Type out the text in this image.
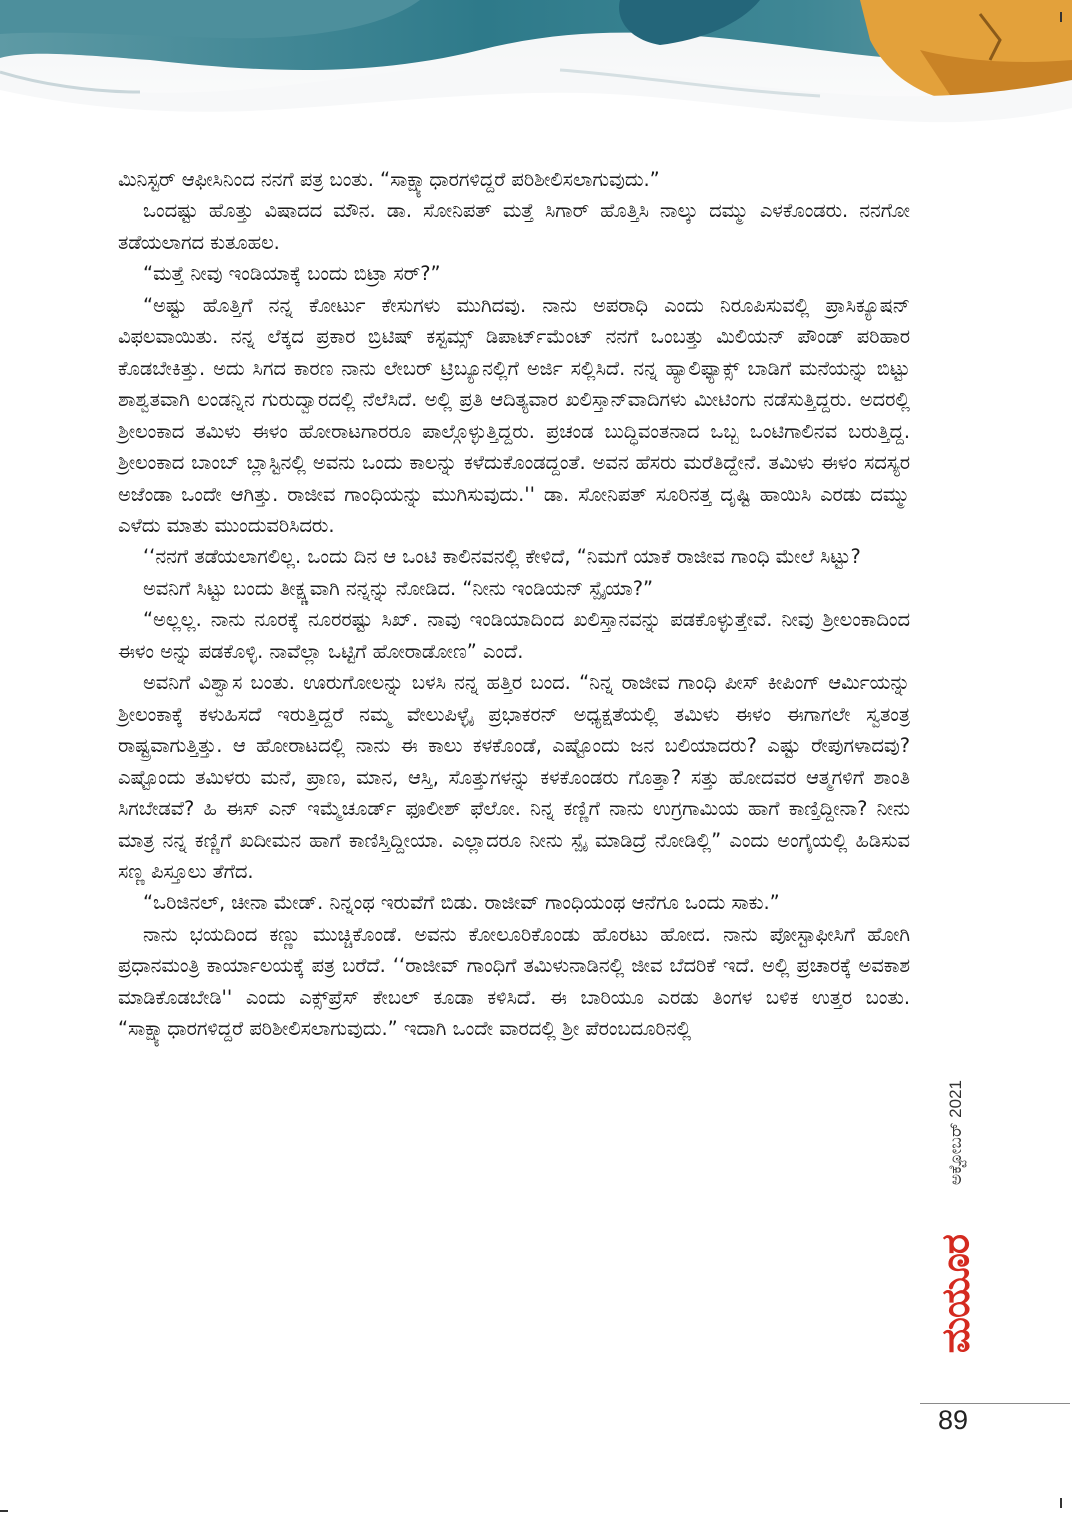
ಮಿನಿಸ್ಟರ್ ಆಫೀಸಿನಿಂದ ನನಗೆ ಪತ್ರ ಬಂತು. “ಸಾಕ್ಷ್ಯಾಧಾರಗಳಿದ್ದರೆ ಪರಿಶೀಲಿಸಲಾಗುವುದು.”

ಒಂದಷ್ಟು ಹೊತ್ತು ವಿಷಾದದ ಮೌನ. ಡಾ. ಸೋನಿಪತ್ ಮತ್ತೆ ಸಿಗಾರ್ ಹೊತ್ತಿಸಿ ನಾಲ್ಕು ದಮ್ಮು ಎಳಕೊಂಡರು. ನನಗೋ ತಡೆಯಲಾಗದ ಕುತೂಹಲ.

“ಮತ್ತೆ ನೀವು ಇಂಡಿಯಾಕ್ಕೆ ಬಂದು ಬಿಟ್ರಾ ಸರ್?”

“ಅಷ್ಟು ಹೊತ್ತಿಗೆ ನನ್ನ ಕೋರ್ಟು ಕೇಸುಗಳು ಮುಗಿದವು. ನಾನು ಅಪರಾಧಿ ಎಂದು ನಿರೂಪಿಸುವಲ್ಲಿ ಪ್ರಾಸಿಕ್ಯೂಷನ್ ವಿಫಲವಾಯಿತು. ನನ್ನ ಲೆಕ್ಕದ ಪ್ರಕಾರ ಬ್ರಿಟಿಷ್ ಕಸ್ಟಮ್ಸ್ ಡಿಪಾರ್ಟ್‌ಮೆಂಟ್ ನನಗೆ ಒಂಬತ್ತು ಮಿಲಿಯನ್ ಪೌಂಡ್ ಪರಿಹಾರ ಕೊಡಬೇಕಿತ್ತು. ಅದು ಸಿಗದ ಕಾರಣ ನಾನು ಲೇಬರ್ ಟ್ರಿಬ್ಯೂನಲ್ಲಿಗೆ ಅರ್ಜಿ ಸಲ್ಲಿಸಿದೆ. ನನ್ನ ಹ್ಯಾಲಿಫ್ಯಾಕ್ಸ್ ಬಾಡಿಗೆ ಮನೆಯನ್ನು ಬಿಟ್ಟು ಶಾಶ್ವತವಾಗಿ ಲಂಡನ್ನಿನ ಗುರುದ್ವಾರದಲ್ಲಿ ನೆಲೆಸಿದೆ. ಅಲ್ಲಿ ಪ್ರತಿ ಆದಿತ್ಯವಾರ ಖಲಿಸ್ತಾನ್‌ವಾದಿಗಳು ಮೀಟಿಂಗು ನಡೆಸುತ್ತಿದ್ದರು. ಅದರಲ್ಲಿ ಶ್ರೀಲಂಕಾದ ತಮಿಳು ಈಳಂ ಹೋರಾಟಗಾರರೂ ಪಾಲ್ಗೊಳ್ಳುತ್ತಿದ್ದರು. ಪ್ರಚಂಡ ಬುದ್ಧಿವಂತನಾದ ಒಬ್ಬ ಒಂಟಿಗಾಲಿನವ ಬರುತ್ತಿದ್ದ. ಶ್ರೀಲಂಕಾದ ಬಾಂಬ್ ಬ್ಲಾಸ್ಟಿನಲ್ಲಿ ಅವನು ಒಂದು ಕಾಲನ್ನು ಕಳೆದುಕೊಂಡದ್ದಂತೆ. ಅವನ ಹೆಸರು ಮರೆತಿದ್ದೇನೆ. ತಮಿಳು ಈಳಂ ಸದಸ್ಯರ ಅಜೆಂಡಾ ಒಂದೇ ಆಗಿತ್ತು. ರಾಜೀವ ಗಾಂಧಿಯನ್ನು ಮುಗಿಸುವುದು.'' ಡಾ. ಸೋನಿಪತ್ ಸೂರಿನತ್ತ ದೃಷ್ಟಿ ಹಾಯಿಸಿ ಎರಡು ದಮ್ಮು ಎಳೆದು ಮಾತು ಮುಂದುವರಿಸಿದರು.

‘‘ನನಗೆ ತಡೆಯಲಾಗಲಿಲ್ಲ. ಒಂದು ದಿನ ಆ ಒಂಟಿ ಕಾಲಿನವನಲ್ಲಿ ಕೇಳಿದೆ, “ನಿಮಗೆ ಯಾಕೆ ರಾಜೀವ ಗಾಂಧಿ ಮೇಲೆ ಸಿಟ್ಟು?

ಅವನಿಗೆ ಸಿಟ್ಟು ಬಂದು ತೀಕ್ಷ್ಣವಾಗಿ ನನ್ನನ್ನು ನೋಡಿದ. “ನೀನು ಇಂಡಿಯನ್ ಸ್ಪೈಯಾ?”

“ಅಲ್ಲಲ್ಲ. ನಾನು ನೂರಕ್ಕೆ ನೂರರಷ್ಟು ಸಿಖ್. ನಾವು ಇಂಡಿಯಾದಿಂದ ಖಲಿಸ್ತಾನವನ್ನು ಪಡಕೊಳ್ಳುತ್ತೇವೆ. ನೀವು ಶ್ರೀಲಂಕಾದಿಂದ ಈಳಂ ಅನ್ನು ಪಡಕೊಳ್ಳಿ. ನಾವೆಲ್ಲಾ ಒಟ್ಟಿಗೆ ಹೋರಾಡೋಣ” ಎಂದೆ.

ಅವನಿಗೆ ವಿಶ್ವಾಸ ಬಂತು. ಊರುಗೋಲನ್ನು ಬಳಸಿ ನನ್ನ ಹತ್ತಿರ ಬಂದ. “ನಿನ್ನ ರಾಜೀವ ಗಾಂಧಿ ಪೀಸ್ ಕೀಪಿಂಗ್ ಆರ್ಮಿಯನ್ನು ಶ್ರೀಲಂಕಾಕ್ಕೆ ಕಳುಹಿಸದೆ ಇರುತ್ತಿದ್ದರೆ ನಮ್ಮ ವೇಲುಪಿಳ್ಳೈ ಪ್ರಭಾಕರನ್ ಅಧ್ಯಕ್ಷತೆಯಲ್ಲಿ ತಮಿಳು ಈಳಂ ಈಗಾಗಲೇ ಸ್ವತಂತ್ರ ರಾಷ್ಟ್ರವಾಗುತ್ತಿತ್ತು. ಆ ಹೋರಾಟದಲ್ಲಿ ನಾನು ಈ ಕಾಲು ಕಳಕೊಂಡೆ, ಎಷ್ಟೊಂದು ಜನ ಬಲಿಯಾದರು? ಎಷ್ಟು ರೇಪುಗಳಾದವು? ಎಷ್ಟೊಂದು ತಮಿಳರು ಮನೆ, ಪ್ರಾಣ, ಮಾನ, ಆಸ್ತಿ, ಸೊತ್ತುಗಳನ್ನು ಕಳಕೊಂಡರು ಗೊತ್ತಾ? ಸತ್ತು ಹೋದವರ ಆತ್ಮಗಳಿಗೆ ಶಾಂತಿ ಸಿಗಬೇಡವೆ? ಹಿ ಈಸ್ ಎನ್ ಇಮ್ಮೆಚೂರ್ಡ್ ಫೂಲೀಶ್ ಫೆಲೋ. ನಿನ್ನ ಕಣ್ಣಿಗೆ ನಾನು ಉಗ್ರಗಾಮಿಯ ಹಾಗೆ ಕಾಣ್ತಿದ್ದೀನಾ? ನೀನು ಮಾತ್ರ ನನ್ನ ಕಣ್ಣಿಗೆ ಖದೀಮನ ಹಾಗೆ ಕಾಣಿಸ್ತಿದ್ದೀಯಾ. ಎಲ್ಲಾದರೂ ನೀನು ಸ್ಪೈ ಮಾಡಿದ್ರೆ ನೋಡಿಲ್ಲಿ” ಎಂದು ಅಂಗೈಯಲ್ಲಿ ಹಿಡಿಸುವ ಸಣ್ಣ ಪಿಸ್ತೂಲು ತೆಗೆದ.

“ಒರಿಜಿನಲ್, ಚೀನಾ ಮೇಡ್. ನಿನ್ನಂಥ ಇರುವೆಗೆ ಬಿಡು. ರಾಜೀವ್ ಗಾಂಧಿಯಂಥ ಆನೆಗೂ ಒಂದು ಸಾಕು.”

ನಾನು ಭಯದಿಂದ ಕಣ್ಣು ಮುಚ್ಚಿಕೊಂಡೆ. ಅವನು ಕೋಲೂರಿಕೊಂಡು ಹೊರಟು ಹೋದ. ನಾನು ಪೋಸ್ಟಾಫೀಸಿಗೆ ಹೋಗಿ ಪ್ರಧಾನಮಂತ್ರಿ ಕಾರ್ಯಾಲಯಕ್ಕೆ ಪತ್ರ ಬರೆದೆ. ‘‘ರಾಜೀವ್ ಗಾಂಧಿಗೆ ತಮಿಳುನಾಡಿನಲ್ಲಿ ಜೀವ ಬೆದರಿಕೆ ಇದೆ. ಅಲ್ಲಿ ಪ್ರಚಾರಕ್ಕೆ ಅವಕಾಶ ಮಾಡಿಕೊಡಬೇಡಿ'' ಎಂದು ಎಕ್ಸ್‌ಪ್ರೆಸ್ ಕೇಬಲ್ ಕೂಡಾ ಕಳಿಸಿದೆ. ಈ ಬಾರಿಯೂ ಎರಡು ತಿಂಗಳ ಬಳಿಕ ಉತ್ತರ ಬಂತು. “ಸಾಕ್ಷ್ಯಾಧಾರಗಳಿದ್ದರೆ ಪರಿಶೀಲಿಸಲಾಗುವುದು.” ಇದಾಗಿ ಒಂದೇ ವಾರದಲ್ಲಿ ಶ್ರೀ ಪೆರಂಬದೂರಿನಲ್ಲಿ

ಅಕ್ಟೋಬರ್ 2021
ಮಯೂರ
89
